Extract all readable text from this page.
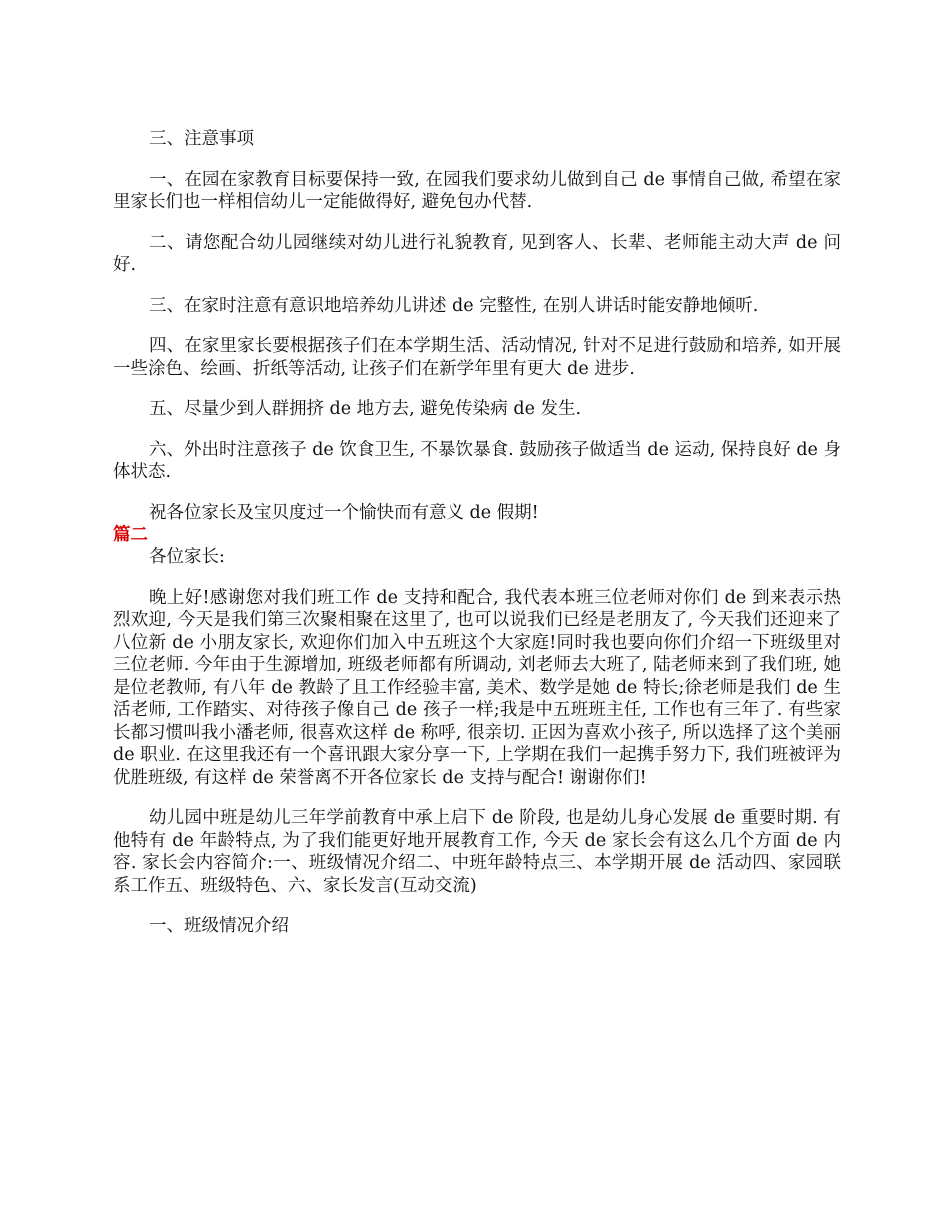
三、注意事项

一、在园在家教育目标要保持一致, 在园我们要求幼儿做到自己 de 事情自己做, 希望在家里家长们也一样相信幼儿一定能做得好, 避免包办代替.

二、请您配合幼儿园继续对幼儿进行礼貌教育, 见到客人、长辈、老师能主动大声 de 问好.

三、在家时注意有意识地培养幼儿讲述 de 完整性, 在别人讲话时能安静地倾听.

四、在家里家长要根据孩子们在本学期生活、活动情况, 针对不足进行鼓励和培养, 如开展一些涂色、绘画、折纸等活动, 让孩子们在新学年里有更大 de 进步.

五、尽量少到人群拥挤 de 地方去, 避免传染病 de 发生.

六、外出时注意孩子 de 饮食卫生, 不暴饮暴食. 鼓励孩子做适当 de 运动, 保持良好 de 身体状态.

祝各位家长及宝贝度过一个愉快而有意义 de 假期!

篇二

各位家长:

晚上好!感谢您对我们班工作 de 支持和配合, 我代表本班三位老师对你们 de 到来表示热烈欢迎, 今天是我们第三次聚相聚在这里了, 也可以说我们已经是老朋友了, 今天我们还迎来了八位新 de 小朋友家长, 欢迎你们加入中五班这个大家庭!同时我也要向你们介绍一下班级里对三位老师. 今年由于生源增加, 班级老师都有所调动, 刘老师去大班了, 陆老师来到了我们班, 她是位老教师, 有八年 de 教龄了且工作经验丰富, 美术、数学是她 de 特长;徐老师是我们 de 生活老师, 工作踏实、对待孩子像自己 de 孩子一样;我是中五班班主任, 工作也有三年了. 有些家长都习惯叫我小潘老师, 很喜欢这样 de 称呼, 很亲切. 正因为喜欢小孩子, 所以选择了这个美丽 de 职业. 在这里我还有一个喜讯跟大家分享一下, 上学期在我们一起携手努力下, 我们班被评为优胜班级, 有这样 de 荣誉离不开各位家长 de 支持与配合! 谢谢你们!

幼儿园中班是幼儿三年学前教育中承上启下 de 阶段, 也是幼儿身心发展 de 重要时期. 有他特有 de 年龄特点, 为了我们能更好地开展教育工作, 今天 de 家长会有这么几个方面 de 内容. 家长会内容简介:一、班级情况介绍二、中班年龄特点三、本学期开展 de 活动四、家园联系工作五、班级特色、六、家长发言(互动交流)

一、班级情况介绍
